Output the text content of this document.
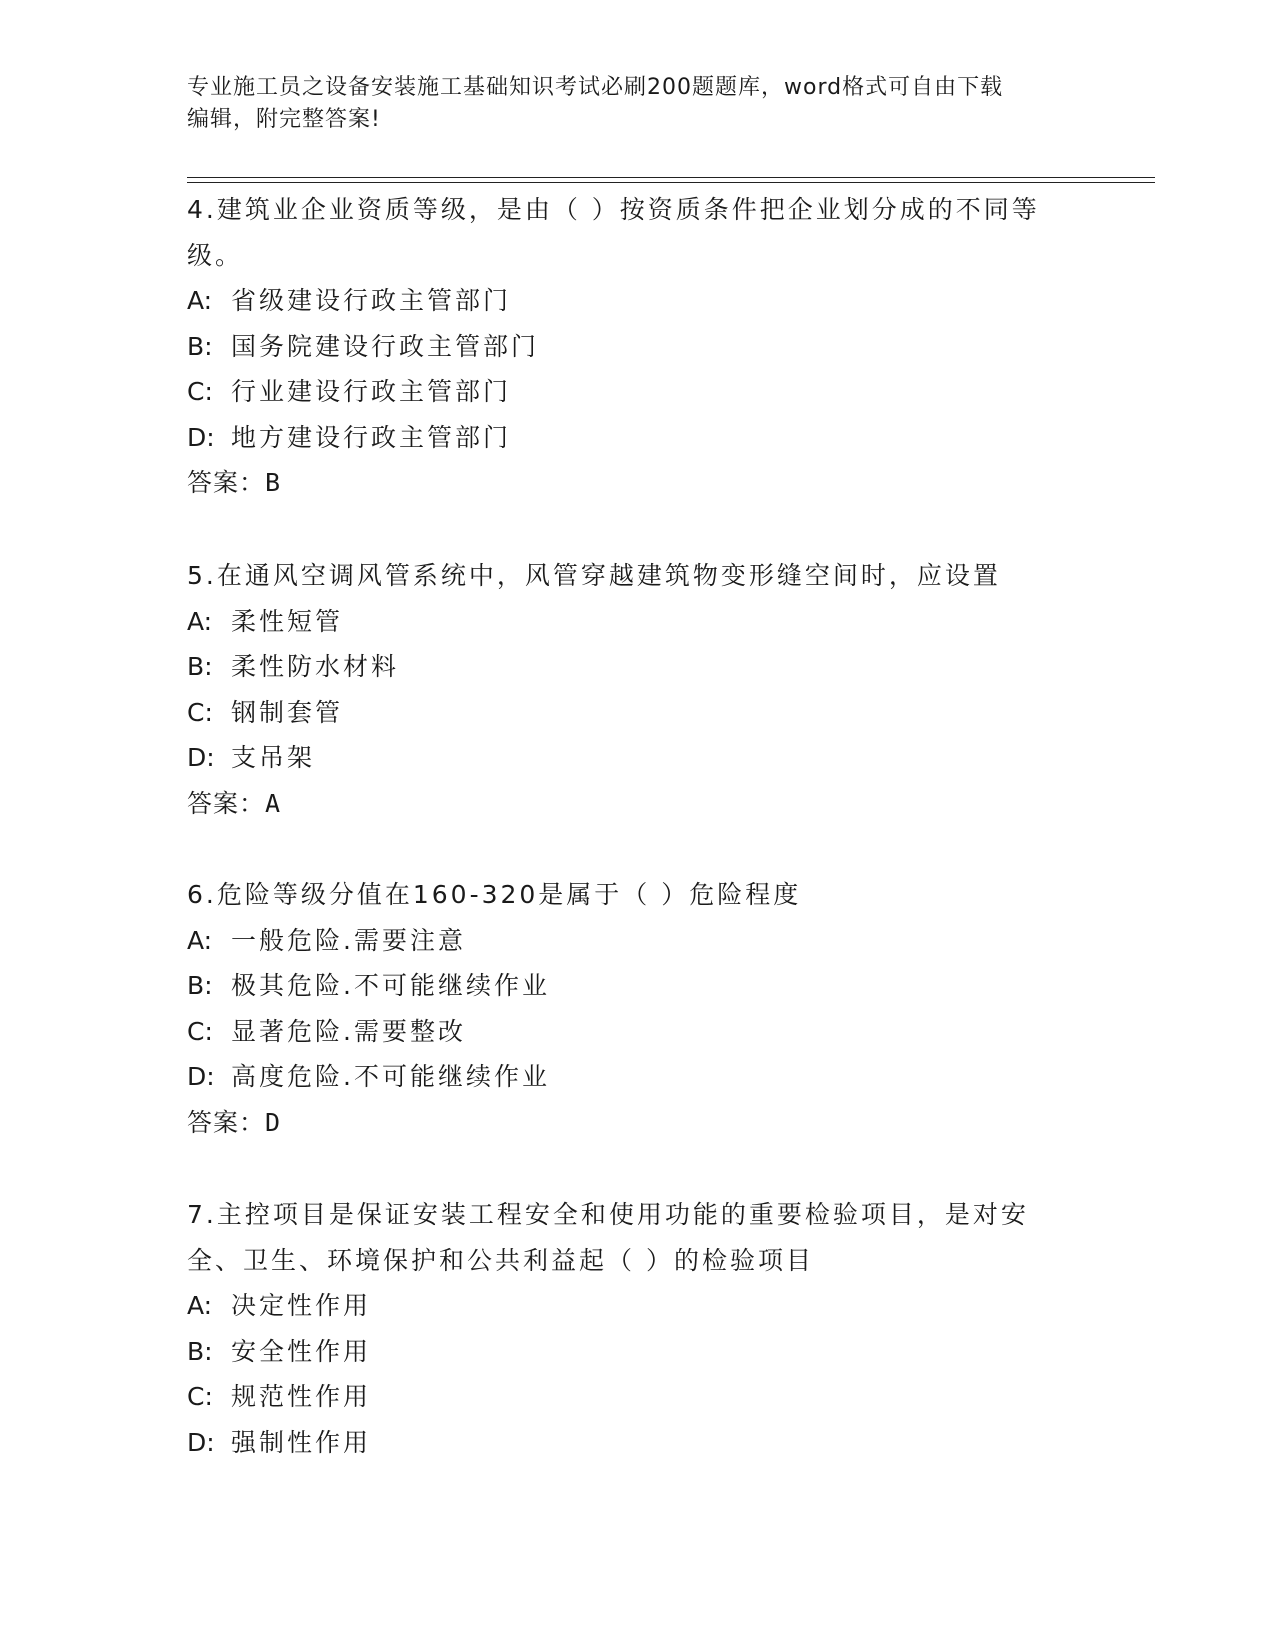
专业施工员之设备安装施工基础知识考试必刷200题题库，word格式可自由下载
编辑，附完整答案!
4.建筑业企业资质等级，是由（ ）按资质条件把企业划分成的不同等
级。
A: 省级建设行政主管部门
B: 国务院建设行政主管部门
C: 行业建设行政主管部门
D: 地方建设行政主管部门
答案：B
5.在通风空调风管系统中，风管穿越建筑物变形缝空间时，应设置
A: 柔性短管
B: 柔性防水材料
C: 钢制套管
D: 支吊架
答案：A
6.危险等级分值在160-320是属于（ ）危险程度
A: 一般危险.需要注意
B: 极其危险.不可能继续作业
C: 显著危险.需要整改
D: 高度危险.不可能继续作业
答案：D
7.主控项目是保证安装工程安全和使用功能的重要检验项目，是对安
全、卫生、环境保护和公共利益起（ ）的检验项目
A: 决定性作用
B: 安全性作用
C: 规范性作用
D: 强制性作用
